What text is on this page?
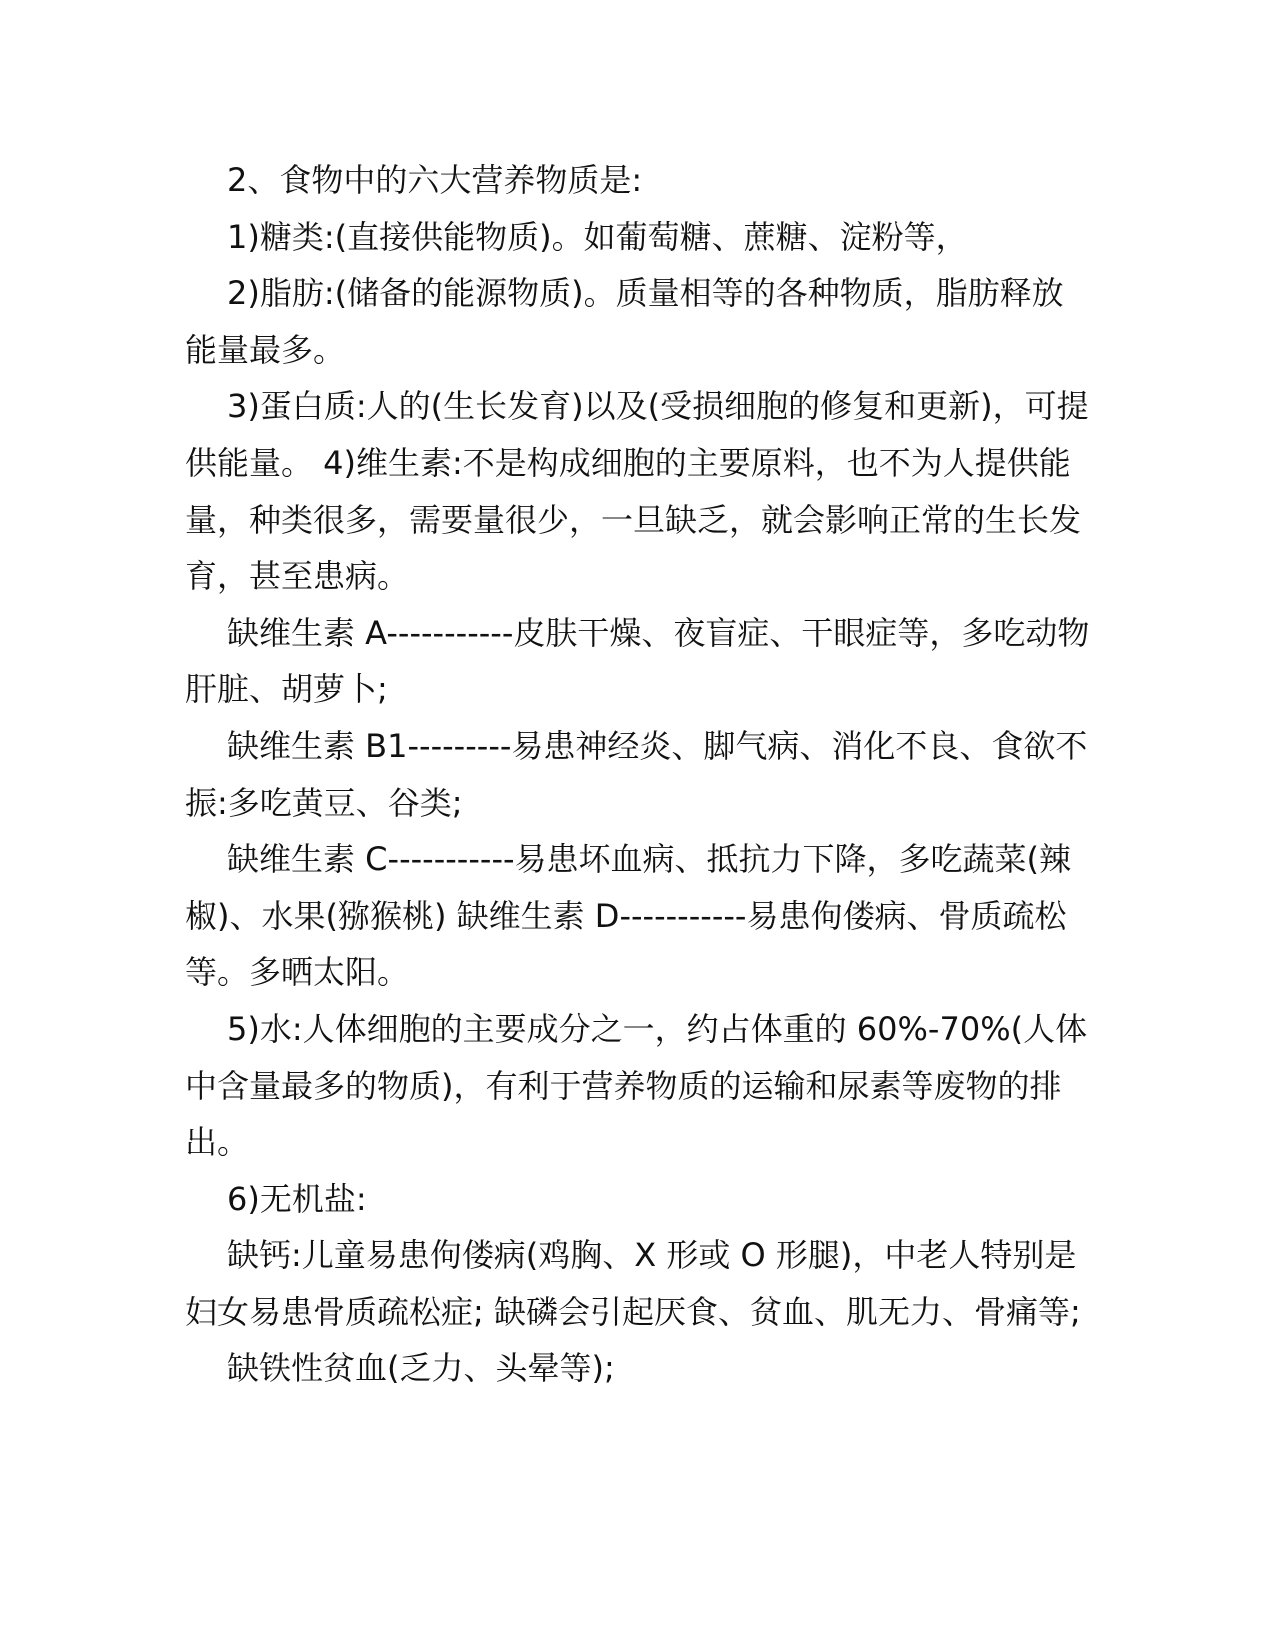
2、食物中的六大营养物质是:

1)糖类:(直接供能物质)。如葡萄糖、蔗糖、淀粉等，

2)脂肪:(储备的能源物质)。质量相等的各种物质，脂肪释放能量最多。

3)蛋白质:人的(生长发育)以及(受损细胞的修复和更新)，可提供能量。 4)维生素:不是构成细胞的主要原料，也不为人提供能量，种类很多，需要量很少，一旦缺乏，就会影响正常的生长发育，甚至患病。

缺维生素 A-----------皮肤干燥、夜盲症、干眼症等，多吃动物肝脏、胡萝卜;

缺维生素 B1---------易患神经炎、脚气病、消化不良、食欲不振:多吃黄豆、谷类;

缺维生素 C-----------易患坏血病、抵抗力下降，多吃蔬菜(辣椒)、水果(猕猴桃) 缺维生素 D-----------易患佝偻病、骨质疏松等。多晒太阳。

5)水:人体细胞的主要成分之一，约占体重的 60%-70%(人体中含量最多的物质)，有利于营养物质的运输和尿素等废物的排出。

6)无机盐:

缺钙:儿童易患佝偻病(鸡胸、X 形或 O 形腿)，中老人特别是妇女易患骨质疏松症; 缺磷会引起厌食、贫血、肌无力、骨痛等;

缺铁性贫血(乏力、头晕等);
